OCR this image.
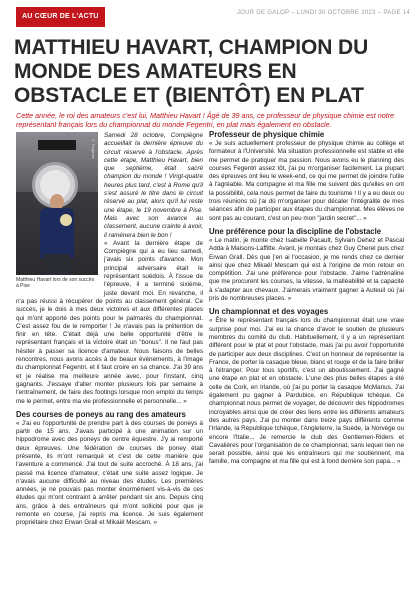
AU CŒUR DE L'ACTU	JOUR DE GALOP – LUNDI 30 OCTOBRE 2023 – PAGE 14
MATTHIEU HAVART, CHAMPION DU MONDE DES AMATEURS EN OBSTACLE ET (BIENTÔT) EN PLAT

Cette année, le roi des amateurs c'est lui, Matthieu Havart ! Âgé de 39 ans, ce professeur de physique chimie est notre représentant français lors du championnat du monde Fegentri, en plat mais également en obstacle.

© Fegentri
Matthieu Havart lors de son succès à Pise

Samedi 28 octobre, Compiègne accueillait la dernière épreuve du circuit réservé à l'obstacle. Après cette étape, Matthieu Havart, bien que septième, était sacré champion du monde ! Vingt-quatre heures plus tard, c'est à Rome qu'il s'est assuré le titre dans le circuit réservé au plat, alors qu'il lui reste une étape, le 19 novembre à Pise. Mais avec son avance au classement, aucune crainte à avoir, il ramènera bien le bon !

« Avant la dernière étape de Compiègne qui a eu lieu samedi, j'avais six points d'avance. Mon principal adversaire était le représentant suédois. À l'issue de l'épreuve, il a terminé sixième, juste devant moi. En revanche, il n'a pas réussi à récupérer de points au classement général. Ce succès, je le dois à mes deux victoires et aux différentes places qui m'ont apporté des points pour le palmarès du championnat. C'est assez fou de le remporter ! Je n'avais pas la prétention de finir en tête. C'était déjà une belle opportunité d'être le représentant français et la victoire était un "bonus". Il ne faut pas hésiter à passer sa licence d'amateur. Nous faisons de belles rencontres, nous avons accès à de beaux événements, à l'image du championnat Fegentri, et il faut croire en sa chance. J'ai 39 ans et je réalise ma meilleure année avec, pour l'instant, cinq gagnants. J'essaye d'aller monter plusieurs fois par semaine à l'entraînement, de faire des footings lorsque mon emploi du temps me le permet, entre ma vie professionnelle et personnelle... »

Des courses de poneys au rang des amateurs

« J'ai eu l'opportunité de prendre part à des courses de poneys à partir de 15 ans. J'avais participé à une animation sur un hippodrome avec des poneys de centre équestre. J'y ai remporté deux épreuves. Une fédération de courses de poney était présente, ils m'ont remarqué et c'est de cette manière que l'aventure a commencé. J'ai tout de suite accroché. À 18 ans, j'ai passé ma licence d'amateur, c'était une suite assez logique. Je n'avais aucune difficulté au niveau des études. Les premières années, je ne pouvais pas monter énormément vis-à-vis de ces études qui m'ont contraint à arrêter pendant six ans. Depuis cinq ans, grâce à des entraîneurs qui m'ont sollicité pour que je remonte en course, j'ai repris ma licence. Je suis également propriétaire chez Erwan Grall et Mikaël Mescam. »

Professeur de physique chimie

« Je suis actuellement professeur de physique chimie au collège et formateur à l'Université. Ma situation professionnelle est stable et elle me permet de pratiquer ma passion. Nous avons eu le planning des courses Fegentri assez tôt, j'ai pu m'organiser facilement. La plupart des épreuves ont lieu le week-end, ce qui me permet de joindre l'utile à l'agréable. Ma compagne et ma fille me suivent dès qu'elles en ont la possibilité, cela nous permet de faire du tourisme ! Il y a eu deux ou trois réunions où j'ai dû m'organiser pour décaler l'intégralité de mes séances afin de participer aux étapes du championnat. Mes élèves ne sont pas au courant, c'est un peu mon "jardin secret"... »

Une préférence pour la discipline de l'obstacle

« Le matin, je monte chez Isabelle Pacault, Sylvain Dehez et Pascal Adda à Maisons-Laffitte. Avant, je montais chez Guy Cherel puis chez Erwan Grall. Dès que j'en ai l'occasion, je me rends chez ce dernier ainsi que chez Mikaël Mescam qui est à l'origine de mon retour en compétition. J'ai une préférence pour l'obstacle. J'aime l'adrénaline que me procurent les courses, la vitesse, la malléabilité et la capacité à s'adapter aux chevaux. J'aimerais vraiment gagner à Auteuil où j'ai pris de nombreuses places. »

Un championnat et des voyages

« Être le représentant français lors du championnat était une vraie surprise pour moi. J'ai eu la chance d'avoir le soutien de plusieurs membres du comité du club. Habituellement, il y a un représentant différent pour le plat et pour l'obstacle, mais j'ai pu avoir l'opportunité de participer aux deux disciplines. C'est un honneur de représenter la France, de porter la casaque bleue, blanc et rouge et de la faire briller à l'étranger. Pour tous sportifs, c'est un aboutissement. J'ai gagné une étape en plat et en obstacle. L'une des plus belles étapes a été celle de Cork, en Irlande, où j'ai pu porter la casaque McManus. J'ai également pu gagner à Pardubice, en République tchèque. Ce championnat nous permet de voyager, de découvrir des hippodromes incroyables ainsi que de créer des liens entre les différents amateurs des autres pays. J'ai pu monter dans treize pays différents comme l'Irlande, la République tchèque, l'Angleterre, la Suède, la Norvège ou encore l'Italie... Je remercie le club des Gentlemen-Riders et Cavalières pour l'organisation de ce championnat, sans lequel rien ne serait possible, ainsi que les entraîneurs qui me soutiennent, ma famille, ma compagne et ma fille qui est à fond derrière son papa... »
